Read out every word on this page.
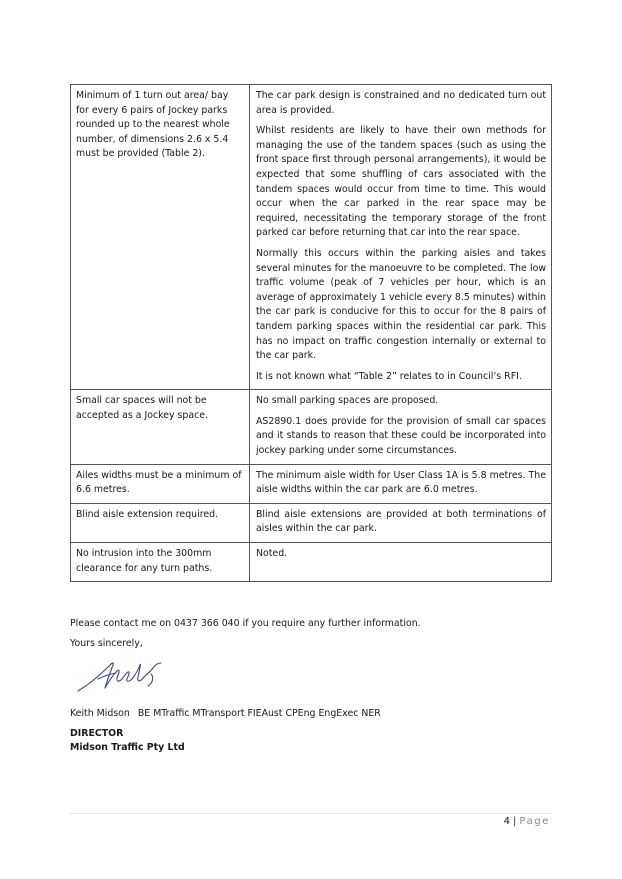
Minimum of 1 turn out area/ bay for every 6 pairs of Jockey parks rounded up to the nearest whole number, of dimensions 2.6 x 5.4 must be provided (Table 2).	The car park design is constrained and no dedicated turn out area is provided.

Whilst residents are likely to have their own methods for managing the use of the tandem spaces (such as using the front space first through personal arrangements), it would be expected that some shuffling of cars associated with the tandem spaces would occur from time to time. This would occur when the car parked in the rear space may be required, necessitating the temporary storage of the front parked car before returning that car into the rear space.

Normally this occurs within the parking aisles and takes several minutes for the manoeuvre to be completed. The low traffic volume (peak of 7 vehicles per hour, which is an average of approximately 1 vehicle every 8.5 minutes) within the car park is conducive for this to occur for the 8 pairs of tandem parking spaces within the residential car park. This has no impact on traffic congestion internally or external to the car park.

It is not known what “Table 2” relates to in Council’s RFI.

Small car spaces will not be accepted as a Jockey space.	No small parking spaces are proposed.

AS2890.1 does provide for the provision of small car spaces and it stands to reason that these could be incorporated into jockey parking under some circumstances.

Ailes widths must be a minimum of 6.6 metres.	The minimum aisle width for User Class 1A is 5.8 metres. The aisle widths within the car park are 6.0 metres.

Blind aisle extension required.	Blind aisle extensions are provided at both terminations of aisles within the car park.

No intrusion into the 300mm clearance for any turn paths.	Noted.

Please contact me on 0437 366 040 if you require any further information.
Yours sincerely,
Keith Midson BE MTraffic MTransport FIEAust CPEng EngExec NER
DIRECTOR
Midson Traffic Pty Ltd
4 | Page
